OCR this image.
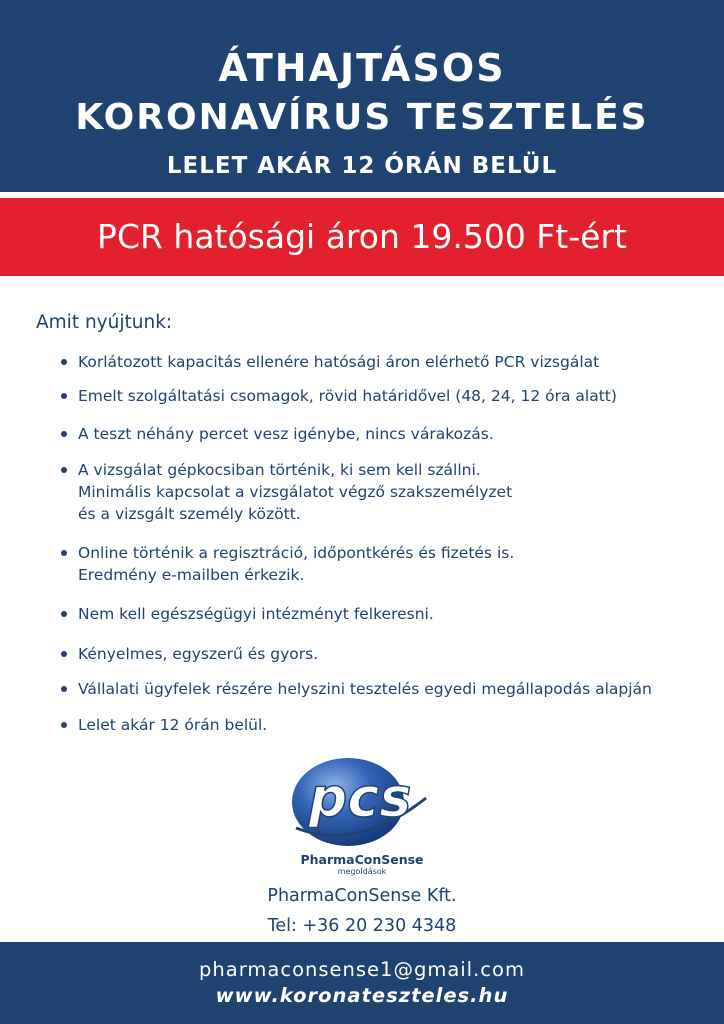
ÁTHAJTÁSOS
KORONAVÍRUS TESZTELÉS
LELET AKÁR 12 ÓRÁN BELÜL
PCR hatósági áron 19.500 Ft-ért
Amit nyújtunk:
Korlátozott kapacitás ellenére hatósági áron elérhető PCR vizsgálat
Emelt szolgáltatási csomagok, rövid határidővel (48, 24, 12 óra alatt)
A teszt néhány percet vesz igénybe, nincs várakozás.
A vizsgálat gépkocsiban történik, ki sem kell szállni.
Minimális kapcsolat a vizsgálatot végző szakszemélyzet
és a vizsgált személy között.
Online történik a regisztráció, időpontkérés és fizetés is.
Eredmény e-mailben érkezik.
Nem kell egészségügyi intézményt felkeresni.
Kényelmes, egyszerű és gyors.
Vállalati ügyfelek részére helyszini tesztelés egyedi megállapodás alapján
Lelet akár 12 órán belül.
pcs
PharmaConSense
megoldások
PharmaConSense Kft.
Tel: +36 20 230 4348
pharmaconsense1@gmail.com
www.koronateszteles.hu
